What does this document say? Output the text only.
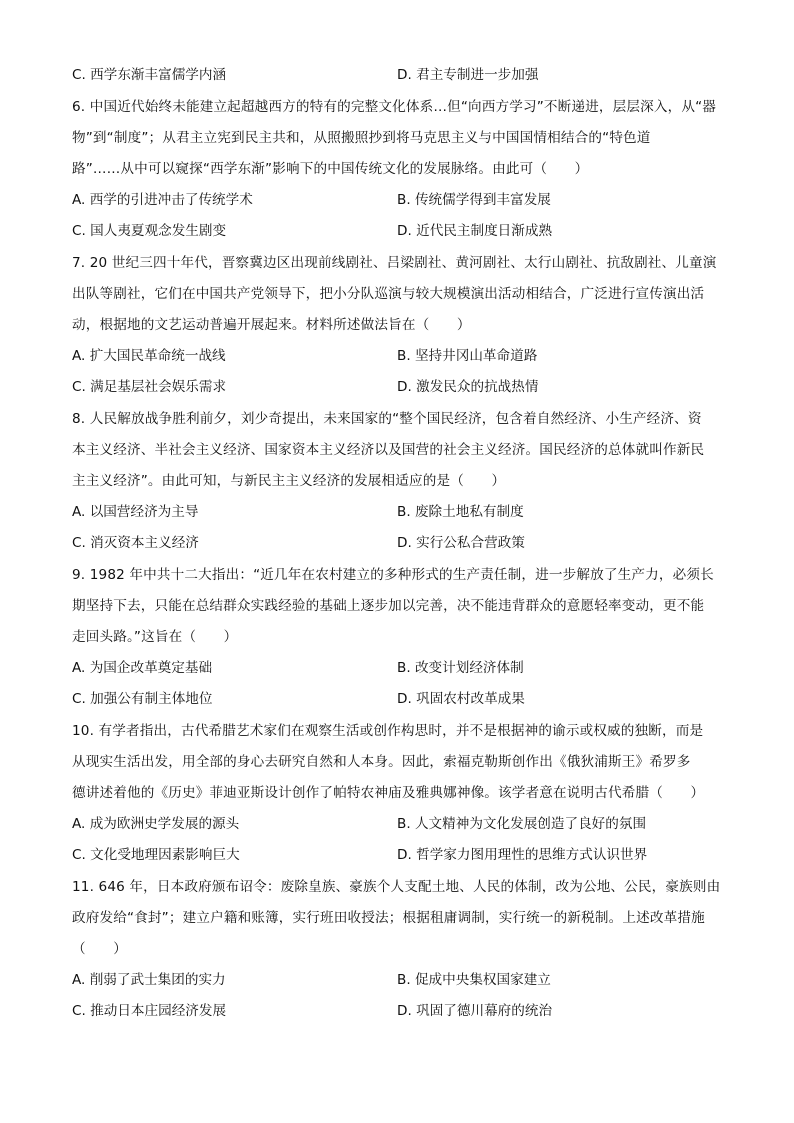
C. 西学东渐丰富儒学内涵	D. 君主专制进一步加强
6. 中国近代始终未能建立起超越西方的特有的完整文化体系…但“向西方学习”不断递进，层层深入，从“器
物”到“制度”；从君主立宪到民主共和，从照搬照抄到将马克思主义与中国国情相结合的“特色道
路”……从中可以窥探“西学东渐”影响下的中国传统文化的发展脉络。由此可（　　）
A. 西学的引进冲击了传统学术	B. 传统儒学得到丰富发展
C. 国人夷夏观念发生剧变	D. 近代民主制度日渐成熟
7. 20 世纪三四十年代，晋察冀边区出现前线剧社、吕梁剧社、黄河剧社、太行山剧社、抗敌剧社、儿童演
出队等剧社，它们在中国共产党领导下，把小分队巡演与较大规模演出活动相结合，广泛进行宣传演出活
动，根据地的文艺运动普遍开展起来。材料所述做法旨在（　　）
A. 扩大国民革命统一战线	B. 坚持井冈山革命道路
C. 满足基层社会娱乐需求	D. 激发民众的抗战热情
8. 人民解放战争胜利前夕，刘少奇提出，未来国家的“整个国民经济，包含着自然经济、小生产经济、资
本主义经济、半社会主义经济、国家资本主义经济以及国营的社会主义经济。国民经济的总体就叫作新民
主主义经济”。由此可知，与新民主主义经济的发展相适应的是（　　）
A. 以国营经济为主导	B. 废除土地私有制度
C. 消灭资本主义经济	D. 实行公私合营政策
9. 1982 年中共十二大指出：“近几年在农村建立的多种形式的生产责任制，进一步解放了生产力，必须长
期坚持下去，只能在总结群众实践经验的基础上逐步加以完善，决不能违背群众的意愿轻率变动，更不能
走回头路。”这旨在（　　）
A. 为国企改革奠定基础	B. 改变计划经济体制
C. 加强公有制主体地位	D. 巩固农村改革成果
10. 有学者指出，古代希腊艺术家们在观察生活或创作构思时，并不是根据神的谕示或权威的独断，而是
从现实生活出发，用全部的身心去研究自然和人本身。因此，索福克勒斯创作出《俄狄浦斯王》希罗多
德讲述着他的《历史》菲迪亚斯设计创作了帕特农神庙及雅典娜神像。该学者意在说明古代希腊（　　）
A. 成为欧洲史学发展的源头	B. 人文精神为文化发展创造了良好的氛围
C. 文化受地理因素影响巨大	D. 哲学家力图用理性的思维方式认识世界
11. 646 年，日本政府颁布诏令：废除皇族、豪族个人支配土地、人民的体制，改为公地、公民，豪族则由
政府发给“食封”；建立户籍和账簿，实行班田收授法；根据租庸调制，实行统一的新税制。上述改革措施
（　　）
A. 削弱了武士集团的实力	B. 促成中央集权国家建立
C. 推动日本庄园经济发展	D. 巩固了德川幕府的统治
